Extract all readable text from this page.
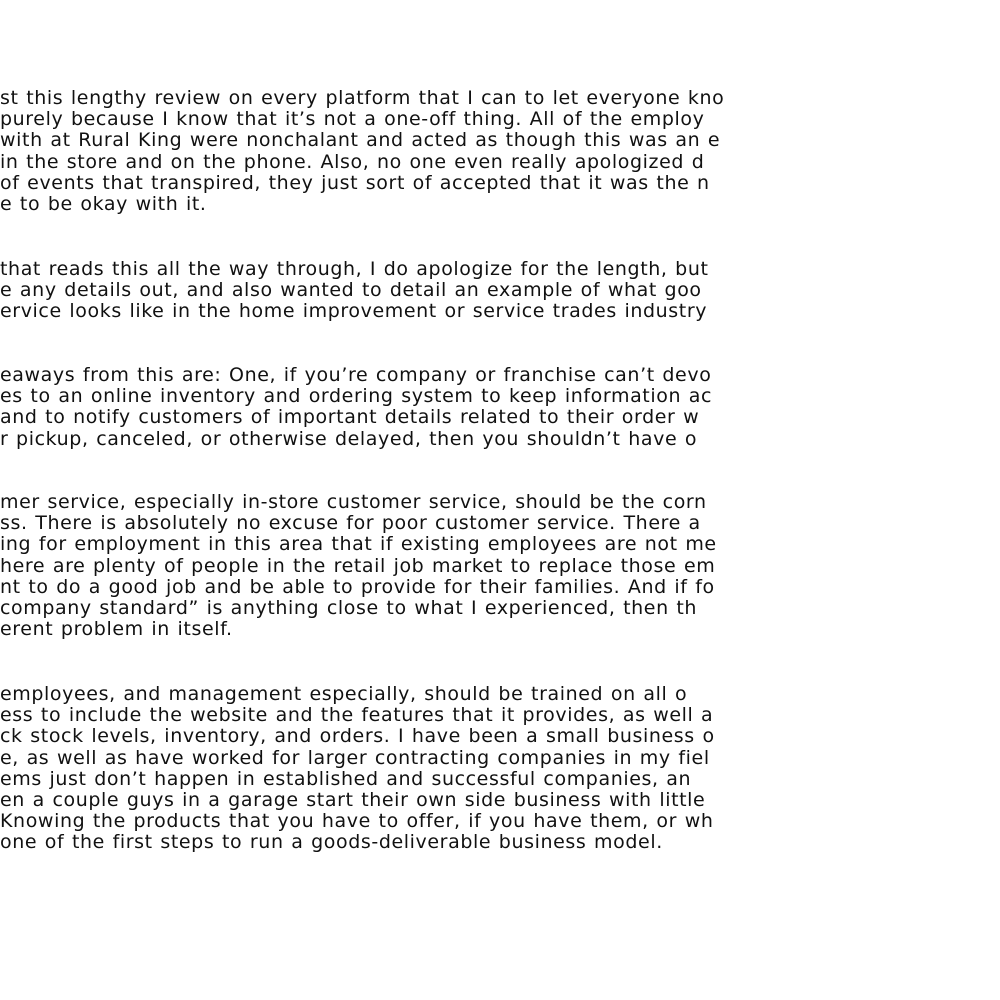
st this lengthy review on every platform that I can to let everyone kno
purely because I know that it’s not a one-off thing. All of the employ
with at Rural King were nonchalant and acted as though this was an e
in the store and on the phone. Also, no one even really apologized d
of events that transpired, they just sort of accepted that it was the n
e to be okay with it.
that reads this all the way through, I do apologize for the length, but
e any details out, and also wanted to detail an example of what goo
ervice looks like in the home improvement or service trades industry
eaways from this are: One, if you’re company or franchise can’t devo
es to an online inventory and ordering system to keep information ac
and to notify customers of important details related to their order w
r pickup, canceled, or otherwise delayed, then you shouldn’t have o
mer service, especially in-store customer service, should be the corn
ss. There is absolutely no excuse for poor customer service. There a
ing for employment in this area that if existing employees are not me
here are plenty of people in the retail job market to replace those em
nt to do a good job and be able to provide for their families. And if fo
company standard” is anything close to what I experienced, then th
erent problem in itself.
employees, and management especially, should be trained on all o
ess to include the website and the features that it provides, as well a
ck stock levels, inventory, and orders. I have been a small business o
e, as well as have worked for larger contracting companies in my fiel
ems just don’t happen in established and successful companies, an
en a couple guys in a garage start their own side business with little
Knowing the products that you have to offer, if you have them, or wh
one of the first steps to run a goods-deliverable business model.
